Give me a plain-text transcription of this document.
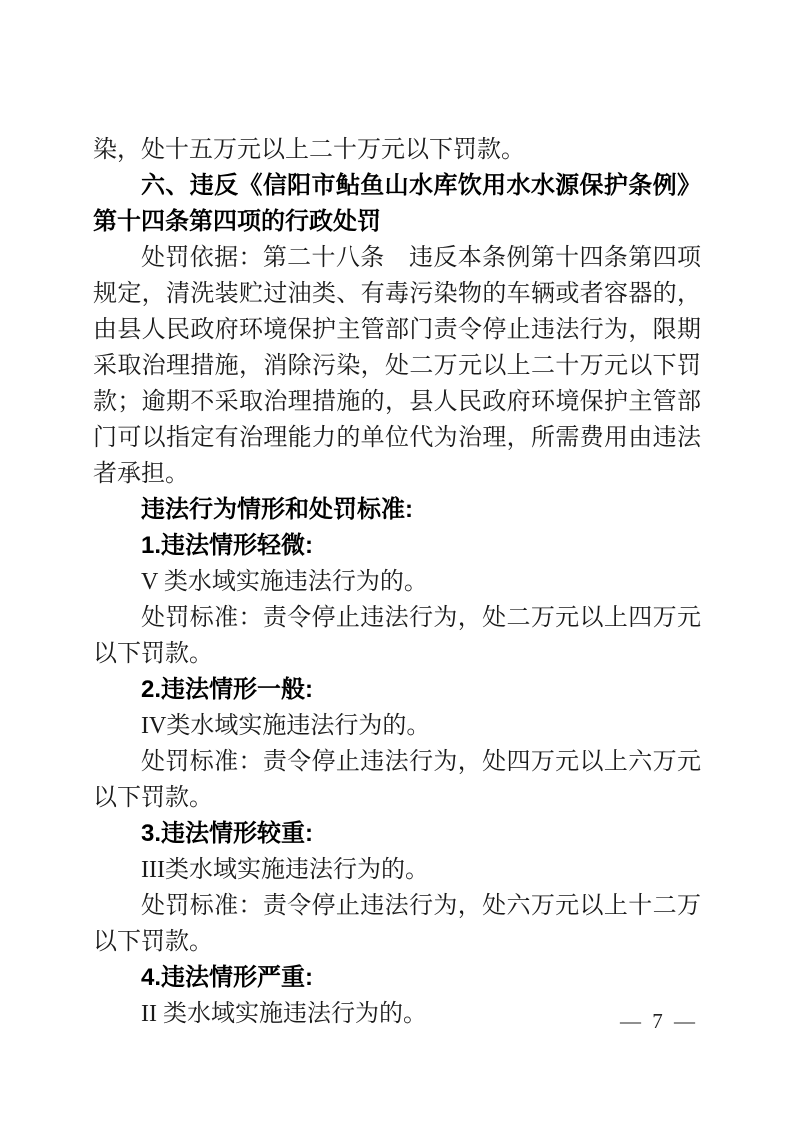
染，处十五万元以上二十万元以下罚款。

六、违反《信阳市鲇鱼山水库饮用水水源保护条例》第十四条第四项的行政处罚

处罚依据：第二十八条　违反本条例第十四条第四项规定，清洗装贮过油类、有毒污染物的车辆或者容器的，由县人民政府环境保护主管部门责令停止违法行为，限期采取治理措施，消除污染，处二万元以上二十万元以下罚款；逾期不采取治理措施的，县人民政府环境保护主管部门可以指定有治理能力的单位代为治理，所需费用由违法者承担。

违法行为情形和处罚标准:

1.违法情形轻微:

V 类水域实施违法行为的。

处罚标准：责令停止违法行为，处二万元以上四万元以下罚款。

2.违法情形一般:

IV类水域实施违法行为的。

处罚标准：责令停止违法行为，处四万元以上六万元以下罚款。

3.违法情形较重:

III类水域实施违法行为的。

处罚标准：责令停止违法行为，处六万元以上十二万以下罚款。

4.违法情形严重:

II 类水域实施违法行为的。	— 7 —
